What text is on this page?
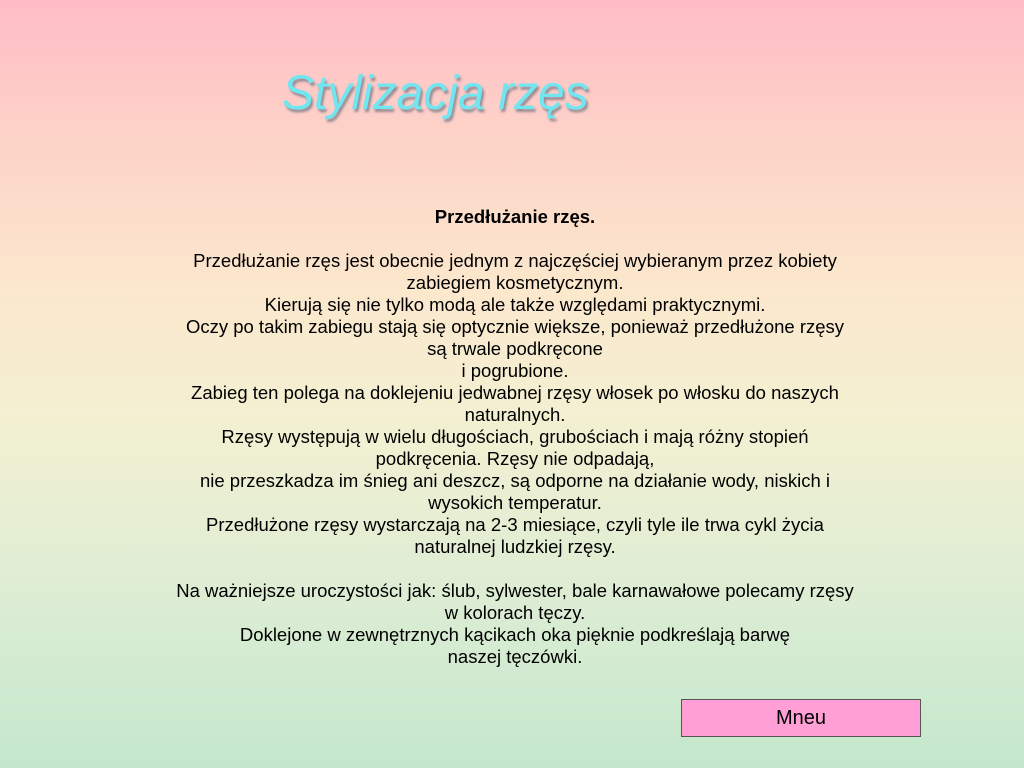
Stylizacja rzęs
Przedłużanie rzęs.
Przedłużanie rzęs jest obecnie jednym z najczęściej wybieranym przez kobiety
zabiegiem kosmetycznym.
Kierują się nie tylko modą ale także względami praktycznymi.
Oczy po takim zabiegu stają się optycznie większe, ponieważ przedłużone rzęsy
są trwale podkręcone
i pogrubione.
Zabieg ten polega na doklejeniu jedwabnej rzęsy włosek po włosku do naszych
naturalnych.
Rzęsy występują w wielu długościach, grubościach i mają różny stopień
podkręcenia. Rzęsy nie odpadają,
nie przeszkadza im śnieg ani deszcz, są odporne na działanie wody, niskich i
wysokich temperatur.
Przedłużone rzęsy wystarczają na 2-3 miesiące, czyli tyle ile trwa cykl życia
naturalnej ludzkiej rzęsy.
Na ważniejsze uroczystości jak: ślub, sylwester, bale karnawałowe polecamy rzęsy
w kolorach tęczy.
Doklejone w zewnętrznych kącikach oka pięknie podkreślają barwę
naszej tęczówki.
Mneu
